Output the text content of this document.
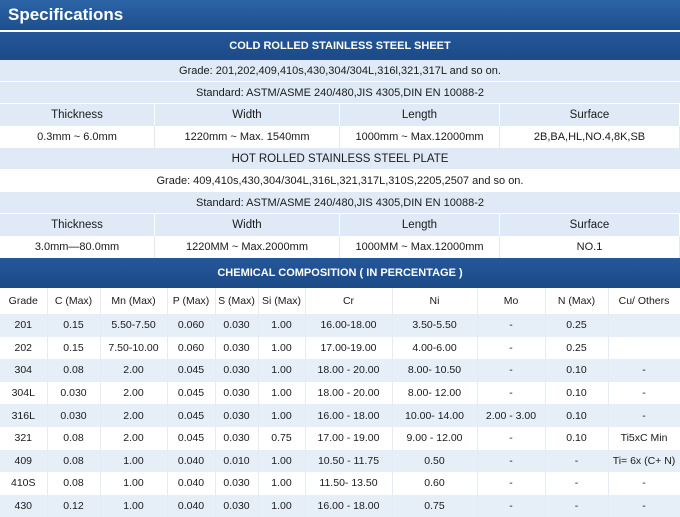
Specifications
COLD ROLLED STAINLESS STEEL SHEET
Grade: 201,202,409,410s,430,304/304L,316l,321,317L and so on.
Standard: ASTM/ASME 240/480,JIS 4305,DIN EN 10088-2
Thickness	Width	Length	Surface
0.3mm ~ 6.0mm	1220mm ~ Max. 1540mm	1000mm ~ Max.12000mm	2B,BA,HL,NO.4,8K,SB
HOT ROLLED STAINLESS STEEL PLATE
Grade: 409,410s,430,304/304L,316L,321,317L,310S,2205,2507 and so on.
Standard: ASTM/ASME 240/480,JIS 4305,DIN EN 10088-2
Thickness	Width	Length	Surface
3.0mm—80.0mm	1220MM ~ Max.2000mm	1000MM ~ Max.12000mm	NO.1
CHEMICAL COMPOSITION ( IN PERCENTAGE )
Grade	C (Max)	Mn (Max)	P (Max)	S (Max)	Si (Max)	Cr	Ni	Mo	N (Max)	Cu/ Others
201	0.15	5.50-7.50	0.060	0.030	1.00	16.00-18.00	3.50-5.50	-	0.25	
202	0.15	7.50-10.00	0.060	0.030	1.00	17.00-19.00	4.00-6.00	-	0.25	
304	0.08	2.00	0.045	0.030	1.00	18.00 - 20.00	8.00- 10.50	-	0.10	-
304L	0.030	2.00	0.045	0.030	1.00	18.00 - 20.00	8.00- 12.00	-	0.10	-
316L	0.030	2.00	0.045	0.030	1.00	16.00 - 18.00	10.00- 14.00	2.00 - 3.00	0.10	-
321	0.08	2.00	0.045	0.030	0.75	17.00 - 19.00	9.00 - 12.00	-	0.10	Ti5xC Min
409	0.08	1.00	0.040	0.010	1.00	10.50 - 11.75	0.50	-	-	Ti= 6x (C+ N)
410S	0.08	1.00	0.040	0.030	1.00	11.50- 13.50	0.60	-	-	-
430	0.12	1.00	0.040	0.030	1.00	16.00 - 18.00	0.75	-	-	-
